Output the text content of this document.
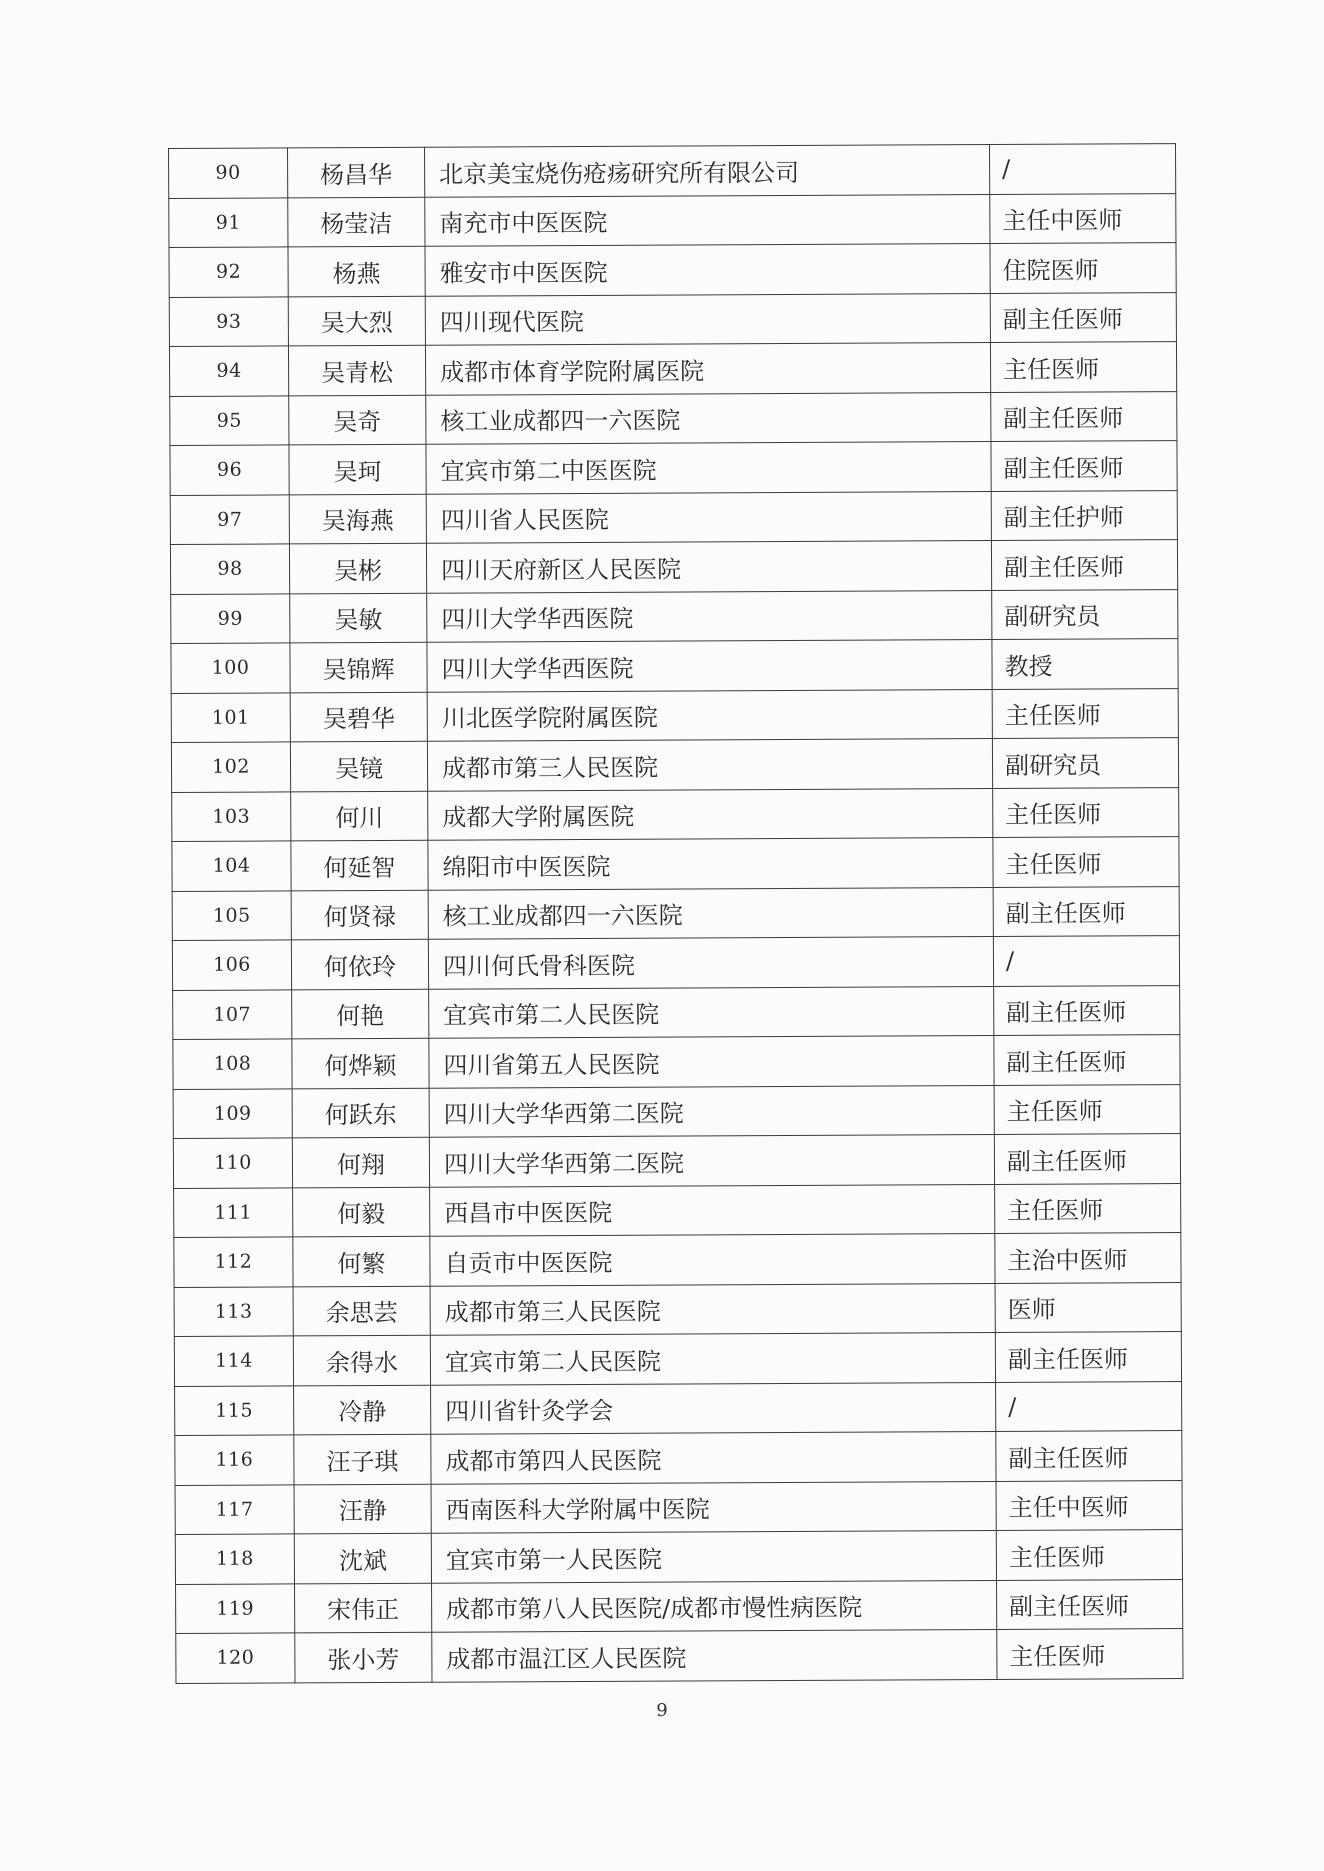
90	杨昌华	北京美宝烧伤疮疡研究所有限公司	/
91	杨莹洁	南充市中医医院	主任中医师
92	杨燕	雅安市中医医院	住院医师
93	吴大烈	四川现代医院	副主任医师
94	吴青松	成都市体育学院附属医院	主任医师
95	吴奇	核工业成都四一六医院	副主任医师
96	吴珂	宜宾市第二中医医院	副主任医师
97	吴海燕	四川省人民医院	副主任护师
98	吴彬	四川天府新区人民医院	副主任医师
99	吴敏	四川大学华西医院	副研究员
100	吴锦辉	四川大学华西医院	教授
101	吴碧华	川北医学院附属医院	主任医师
102	吴镜	成都市第三人民医院	副研究员
103	何川	成都大学附属医院	主任医师
104	何延智	绵阳市中医医院	主任医师
105	何贤禄	核工业成都四一六医院	副主任医师
106	何依玲	四川何氏骨科医院	/
107	何艳	宜宾市第二人民医院	副主任医师
108	何烨颖	四川省第五人民医院	副主任医师
109	何跃东	四川大学华西第二医院	主任医师
110	何翔	四川大学华西第二医院	副主任医师
111	何毅	西昌市中医医院	主任医师
112	何繁	自贡市中医医院	主治中医师
113	余思芸	成都市第三人民医院	医师
114	余得水	宜宾市第二人民医院	副主任医师
115	冷静	四川省针灸学会	/
116	汪子琪	成都市第四人民医院	副主任医师
117	汪静	西南医科大学附属中医院	主任中医师
118	沈斌	宜宾市第一人民医院	主任医师
119	宋伟正	成都市第八人民医院/成都市慢性病医院	副主任医师
120	张小芳	成都市温江区人民医院	主任医师
9
